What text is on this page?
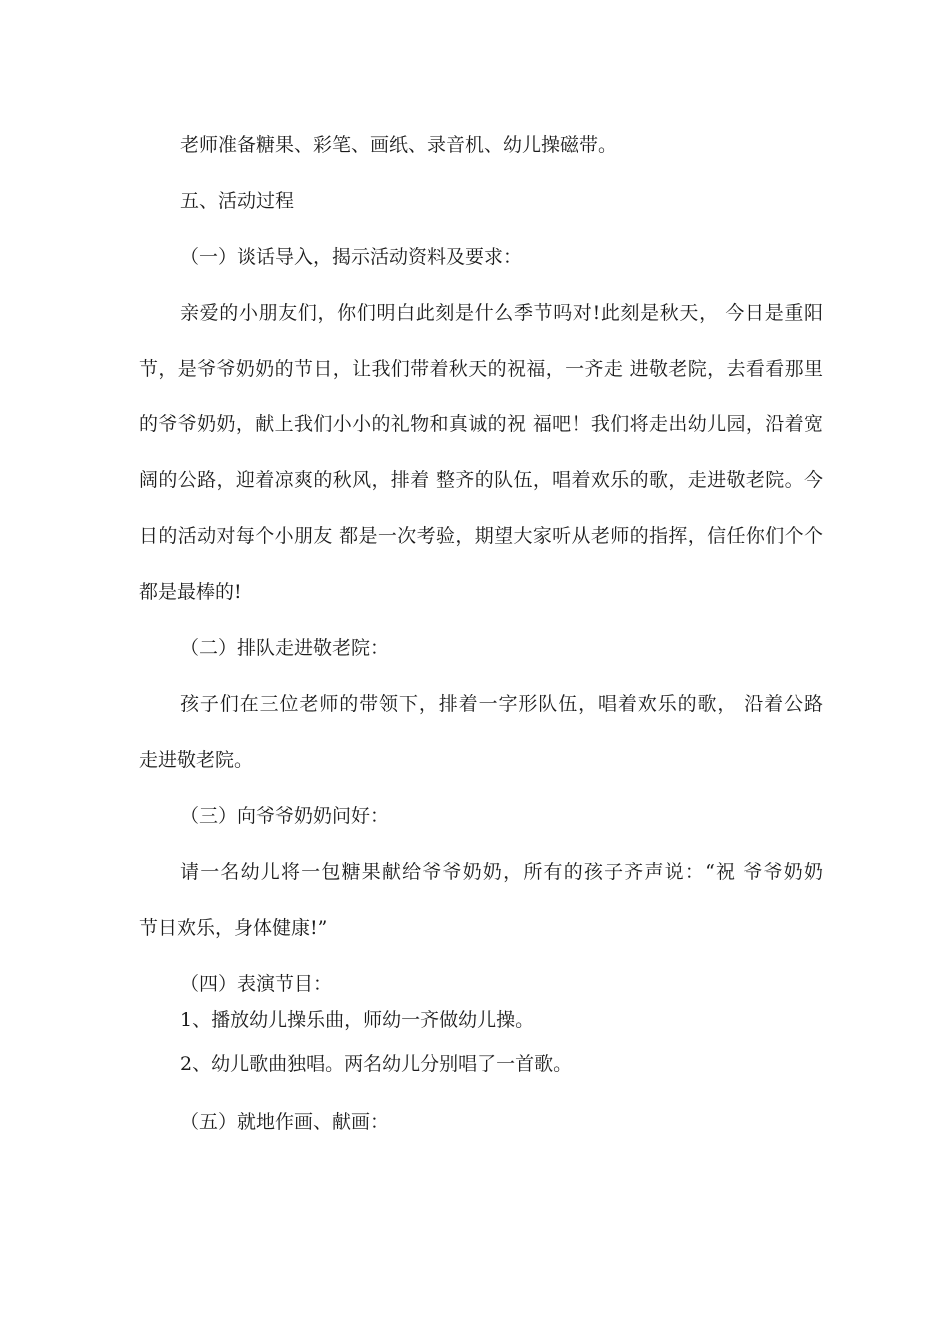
老师准备糖果、彩笔、画纸、录音机、幼儿操磁带。

五、活动过程

（一）谈话导入，揭示活动资料及要求：

亲爱的小朋友们，你们明白此刻是什么季节吗对!此刻是秋天， 今日是重阳

节，是爷爷奶奶的节日，让我们带着秋天的祝福，一齐走 进敬老院，去看看那里

的爷爷奶奶，献上我们小小的礼物和真诚的祝 福吧！我们将走出幼儿园，沿着宽

阔的公路，迎着凉爽的秋风，排着 整齐的队伍，唱着欢乐的歌，走进敬老院。今

日的活动对每个小朋友 都是一次考验，期望大家听从老师的指挥，信任你们个个

都是最棒的!

（二）排队走进敬老院：

孩子们在三位老师的带领下，排着一字形队伍，唱着欢乐的歌， 沿着公路

走进敬老院。

（三）向爷爷奶奶问好：

请一名幼儿将一包糖果献给爷爷奶奶，所有的孩子齐声说：“祝 爷爷奶奶

节日欢乐，身体健康!”

（四）表演节目：

1、播放幼儿操乐曲，师幼一齐做幼儿操。

2、幼儿歌曲独唱。两名幼儿分别唱了一首歌。

（五）就地作画、献画：
